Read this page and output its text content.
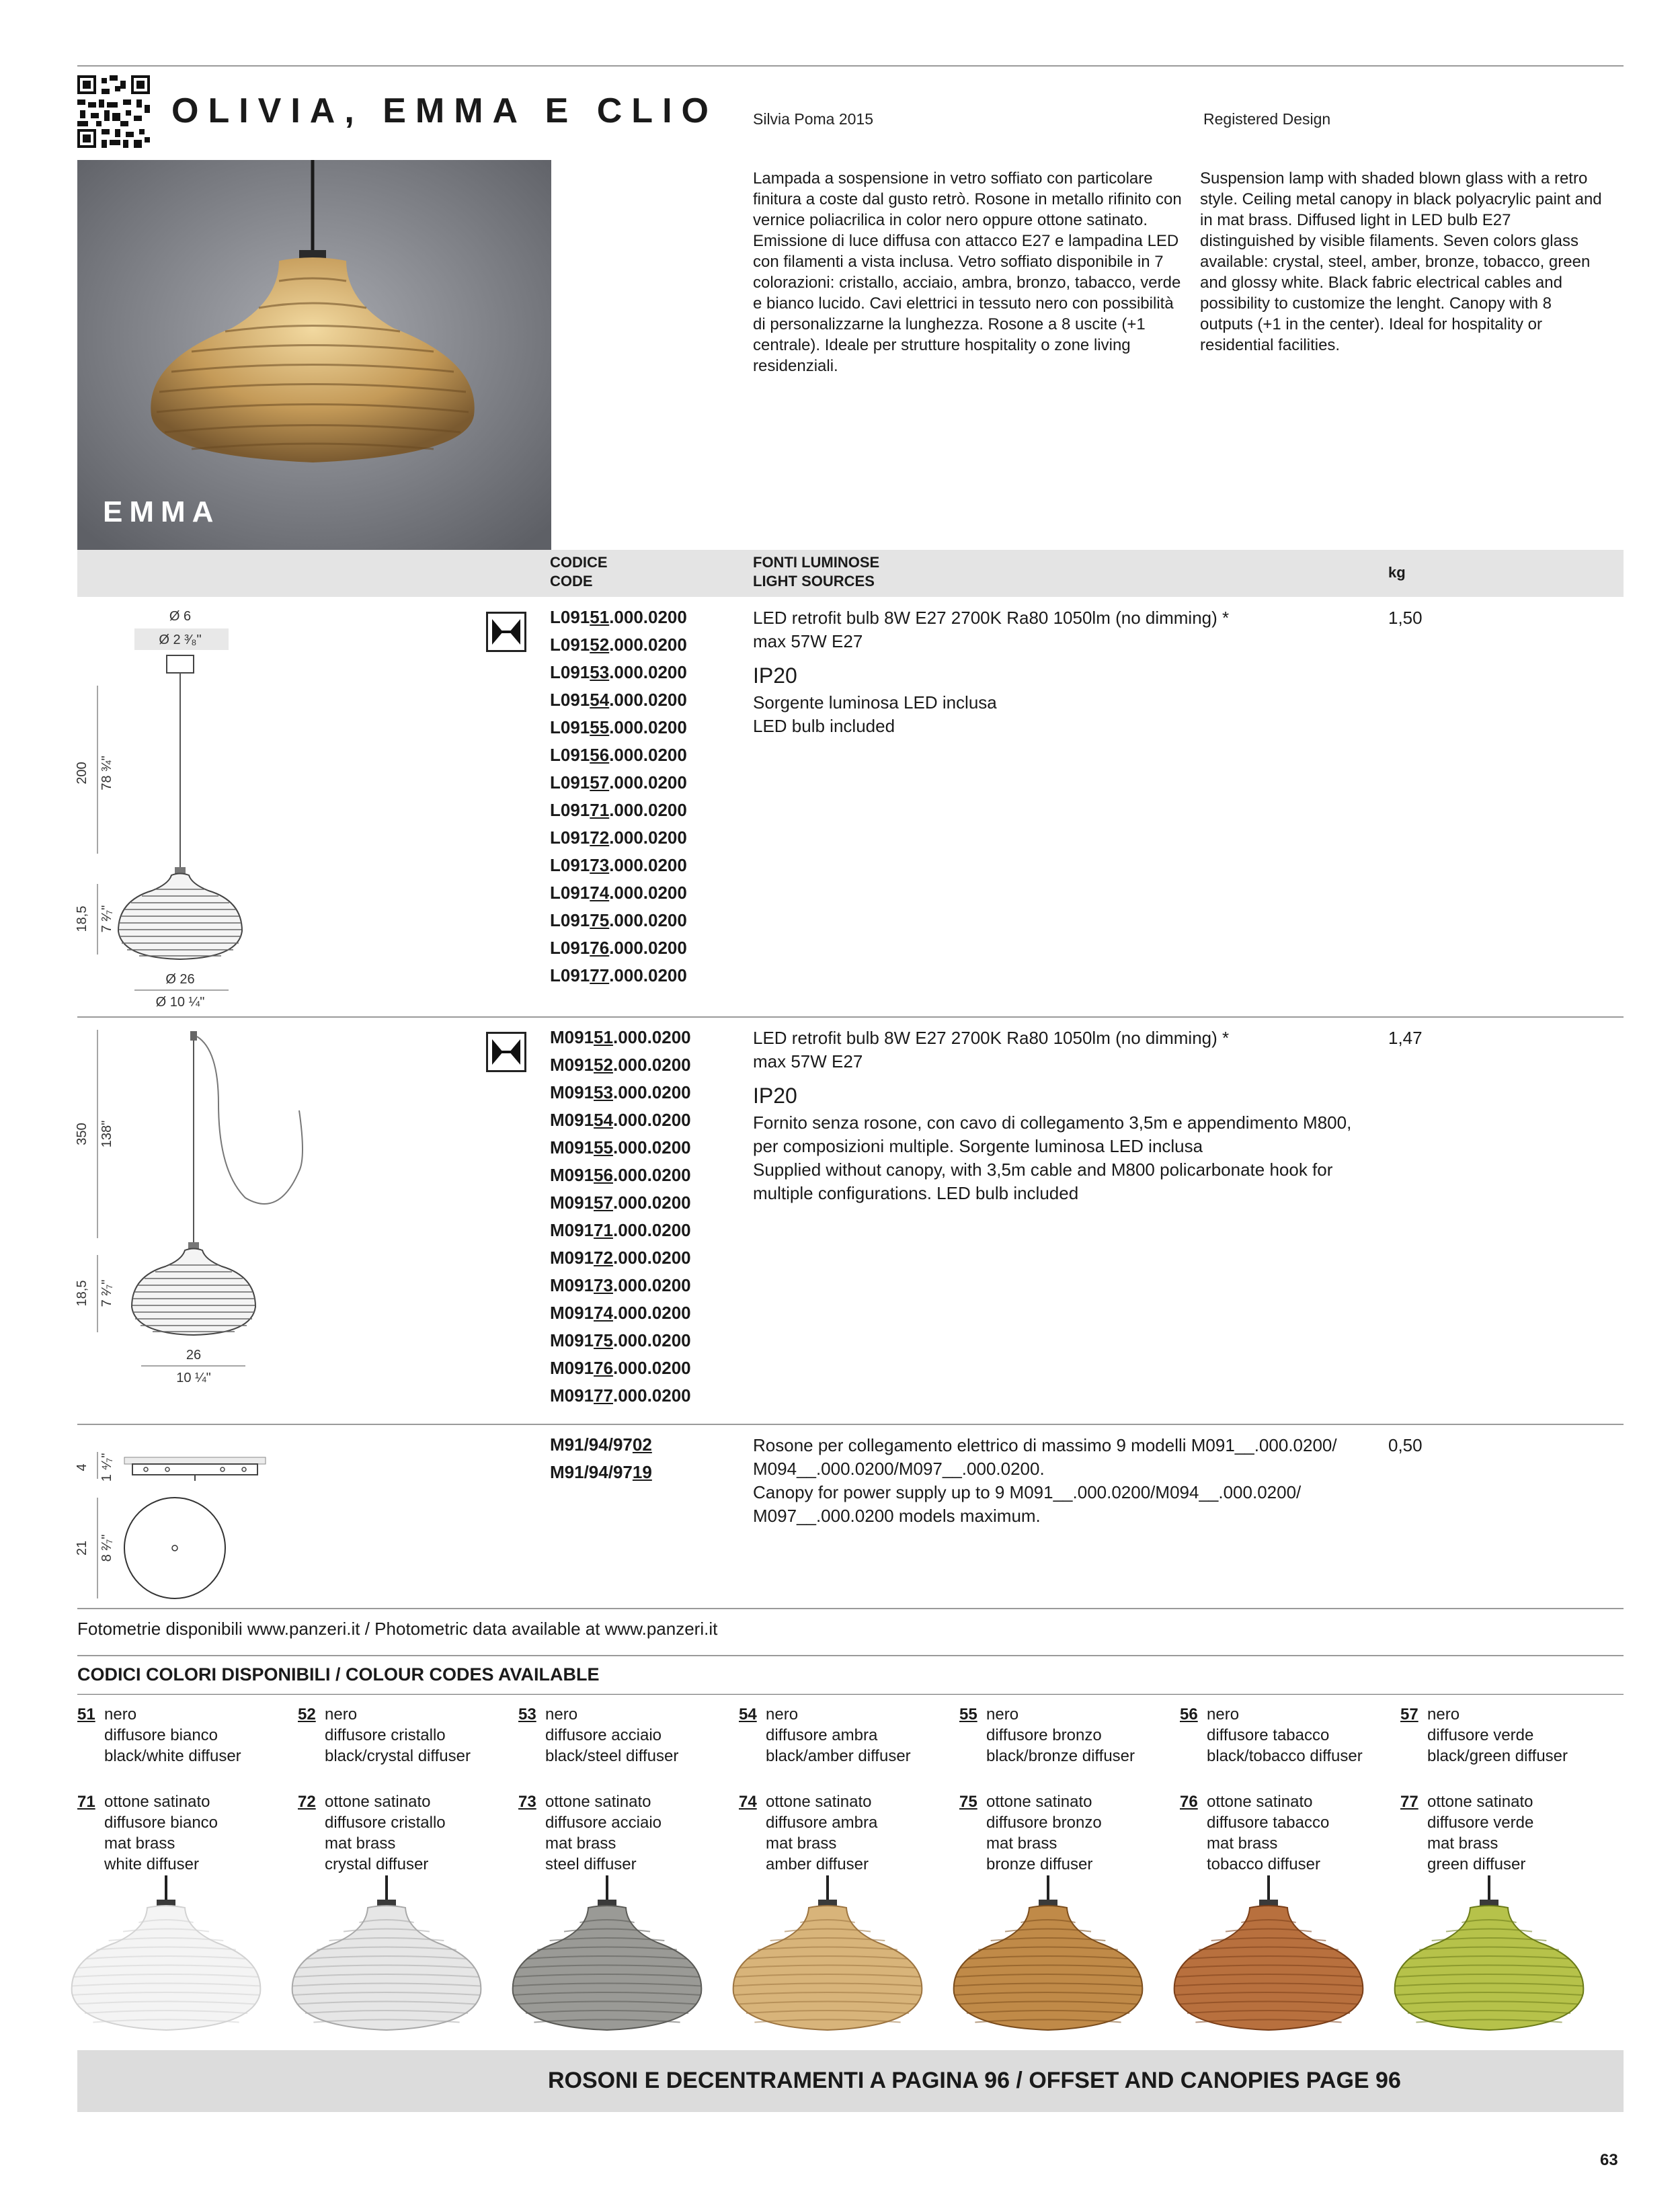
OLIVIA, EMMA E CLIO Silvia Poma 2015	Registered Design
EMMA
Lampada a sospensione in vetro soffiato con particolare finitura a coste dal gusto retrò. Rosone in metallo rifinito con vernice poliacrilica in color nero oppure ottone satinato. Emissione di luce diffusa con attacco E27 e lampadina LED con filamenti a vista inclusa. Vetro soffiato disponibile in 7 colorazioni: cristallo, acciaio, ambra, bronzo, tabacco, verde e bianco lucido. Cavi elettrici in tessuto nero con possibilità di personalizzarne la lunghezza. Rosone a 8 uscite (+1 centrale). Ideale per strutture hospitality o zone living residenziali.
Suspension lamp with shaded blown glass with a retro style. Ceiling metal canopy in black polyacrylic paint and in mat brass. Diffused light in LED bulb E27 distinguished by visible filaments. Seven colors glass available: crystal, steel, amber, bronze, tobacco, green and glossy white. Black fabric electrical cables and possibility to customize the lenght. Canopy with 8 outputs (+1 in the center). Ideal for hospitality or residential facilities.
CODICE
CODE
FONTI LUMINOSE
LIGHT SOURCES
kg
Ø 6
Ø 2 ³⁄₈"
200 78 ¾"
18,5 7 ²⁄₇"
Ø 26
Ø 10 ¼"
L09151.000.0200
L09152.000.0200
L09153.000.0200
L09154.000.0200
L09155.000.0200
L09156.000.0200
L09157.000.0200
L09171.000.0200
L09172.000.0200
L09173.000.0200
L09174.000.0200
L09175.000.0200
L09176.000.0200
L09177.000.0200
LED retrofit bulb 8W E27 2700K Ra80 1050lm (no dimming) *
max 57W E27
IP20
Sorgente luminosa LED inclusa
LED bulb included
1,50
350 138"
18,5 7 ²⁄₇"
26
10 ¼"
M09151.000.0200
M09152.000.0200
M09153.000.0200
M09154.000.0200
M09155.000.0200
M09156.000.0200
M09157.000.0200
M09171.000.0200
M09172.000.0200
M09173.000.0200
M09174.000.0200
M09175.000.0200
M09176.000.0200
M09177.000.0200
LED retrofit bulb 8W E27 2700K Ra80 1050lm (no dimming) *
max 57W E27
IP20
Fornito senza rosone, con cavo di collegamento 3,5m e appendimento M800,
per composizioni multiple. Sorgente luminosa LED inclusa
Supplied without canopy, with 3,5m cable and M800 policarbonate hook for
multiple configurations. LED bulb included
1,47
4 1 ⁴⁄₇"
21 8 ²⁄₇"
M91/94/9702
M91/94/9719
Rosone per collegamento elettrico di massimo 9 modelli M091__.000.0200/
M094__.000.0200/M097__.000.0200.
Canopy for power supply up to 9 M091__.000.0200/M094__.000.0200/
M097__.000.0200 models maximum.
0,50
Fotometrie disponibili www.panzeri.it / Photometric data available at www.panzeri.it
CODICI COLORI DISPONIBILI / COLOUR CODES AVAILABLE
51 nero
diffusore bianco
black/white diffuser
52 nero
diffusore cristallo
black/crystal diffuser
53 nero
diffusore acciaio
black/steel diffuser
54 nero
diffusore ambra
black/amber diffuser
55 nero
diffusore bronzo
black/bronze diffuser
56 nero
diffusore tabacco
black/tobacco diffuser
57 nero
diffusore verde
black/green diffuser
71 ottone satinato
diffusore bianco
mat brass
white diffuser
72 ottone satinato
diffusore cristallo
mat brass
crystal diffuser
73 ottone satinato
diffusore acciaio
mat brass
steel diffuser
74 ottone satinato
diffusore ambra
mat brass
amber diffuser
75 ottone satinato
diffusore bronzo
mat brass
bronze diffuser
76 ottone satinato
diffusore tabacco
mat brass
tobacco diffuser
77 ottone satinato
diffusore verde
mat brass
green diffuser
ROSONI E DECENTRAMENTI A PAGINA 96 / OFFSET AND CANOPIES PAGE 96
63
